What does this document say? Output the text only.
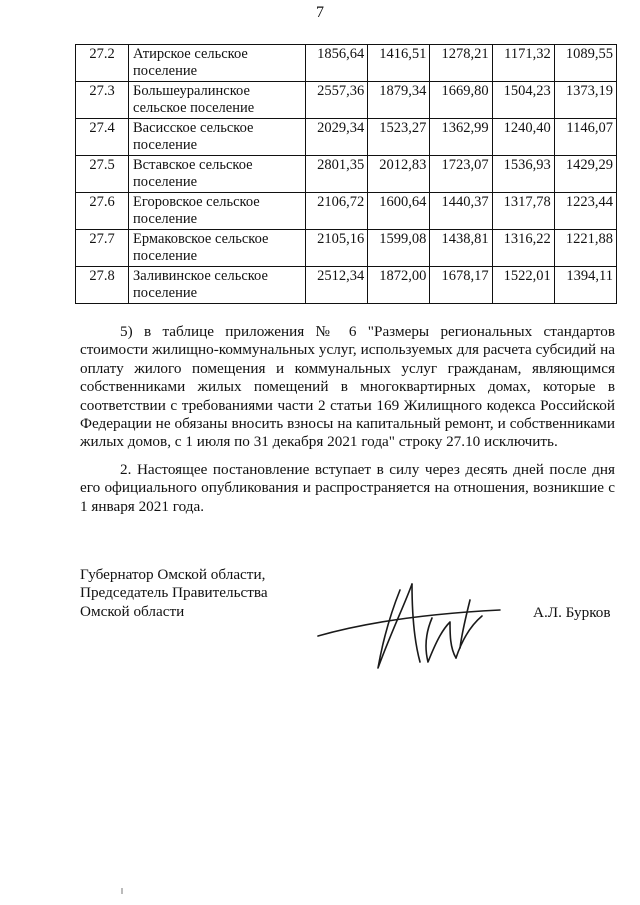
7
27.2	Атирское сельское поселение	1856,64	1416,51	1278,21	1171,32	1089,55
27.3	Большеуралинское сельское поселение	2557,36	1879,34	1669,80	1504,23	1373,19
27.4	Васисское сельское поселение	2029,34	1523,27	1362,99	1240,40	1146,07
27.5	Вставское сельское поселение	2801,35	2012,83	1723,07	1536,93	1429,29
27.6	Егоровское сельское поселение	2106,72	1600,64	1440,37	1317,78	1223,44
27.7	Ермаковское сельское поселение	2105,16	1599,08	1438,81	1316,22	1221,88
27.8	Заливинское сельское поселение	2512,34	1872,00	1678,17	1522,01	1394,11

5) в таблице приложения № 6 "Размеры региональных стандартов стоимости жилищно-коммунальных услуг, используемых для расчета субсидий на оплату жилого помещения и коммунальных услуг гражданам, являющимся собственниками жилых помещений в многоквартирных домах, которые в соответствии с требованиями части 2 статьи 169 Жилищного кодекса Российской Федерации не обязаны вносить взносы на капитальный ремонт, и собственниками жилых домов, с 1 июля по 31 декабря 2021 года" строку 27.10 исключить.

2. Настоящее постановление вступает в силу через десять дней после дня его официального опубликования и распространяется на отношения, возникшие с 1 января 2021 года.

Губернатор Омской области,
Председатель Правительства
Омской области	А.Л. Бурков
